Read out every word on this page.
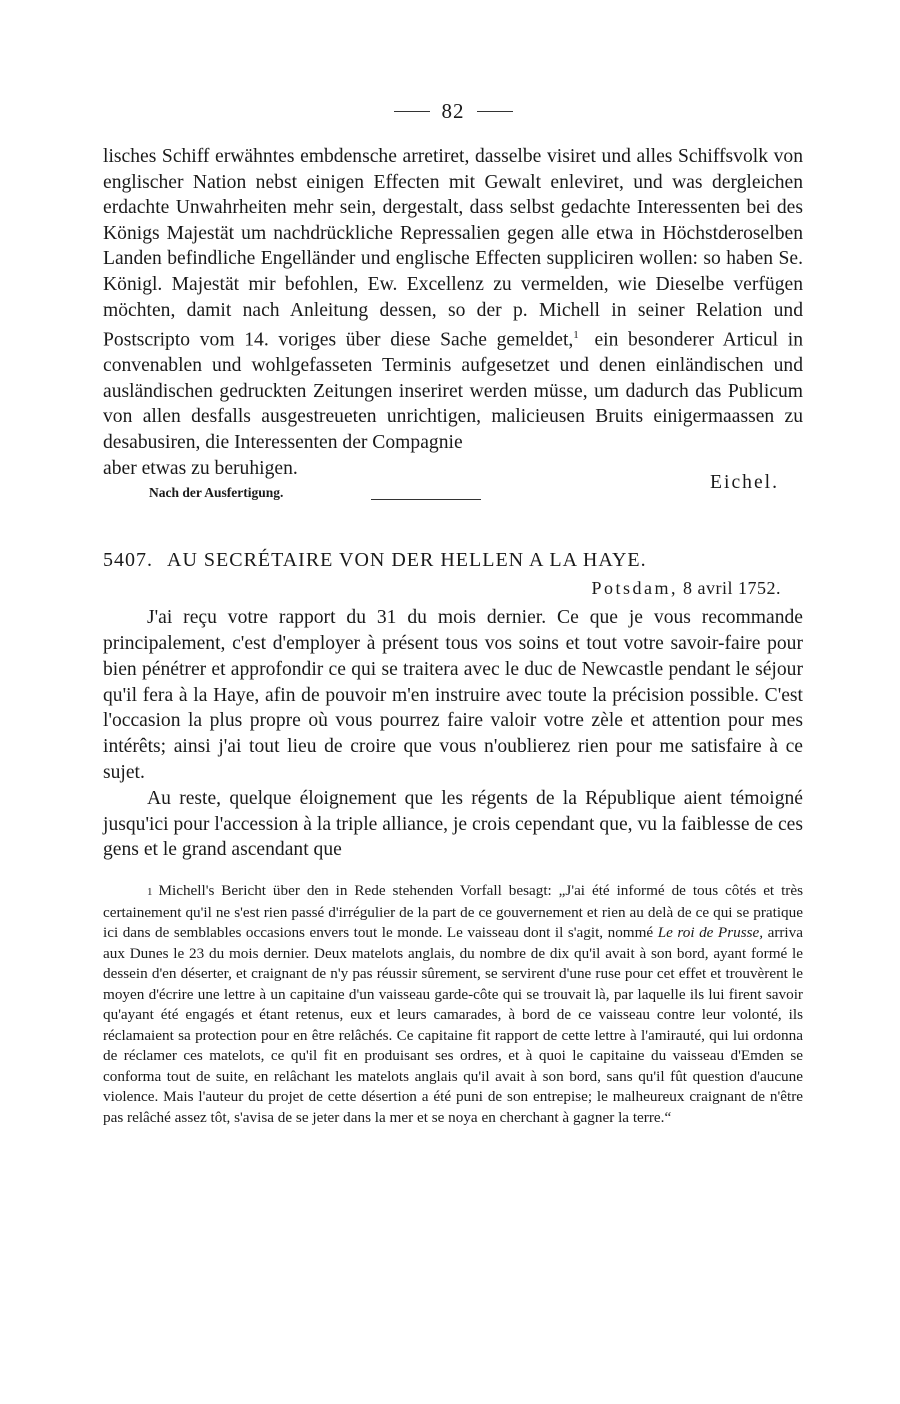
82

lisches Schiff erwähntes embdensche arretiret, dasselbe visiret und alles Schiffsvolk von englischer Nation nebst einigen Effecten mit Gewalt enleviret, und was dergleichen erdachte Unwahrheiten mehr sein, dergestalt, dass selbst gedachte Interessenten bei des Königs Majestät um nachdrückliche Repressalien gegen alle etwa in Höchstderoselben Landen befindliche Engelländer und englische Effecten suppliciren wollen: so haben Se. Königl. Majestät mir befohlen, Ew. Excellenz zu vermelden, wie Dieselbe verfügen möchten, damit nach Anleitung dessen, so der p. Michell in seiner Relation und Postscripto vom 14. voriges über diese Sache gemeldet,$^1$ ein besonderer Articul in convenablen und wohlgefasseten Terminis aufgesetzet und denen einländischen und ausländischen gedruckten Zeitungen inseriret werden müsse, um dadurch das Publicum von allen desfalls ausgestreueten unrichtigen, malicieusen Bruits einigermaassen zu desabusiren, die Interessenten der Compagnie

aber etwas zu beruhigen.
Eichel.
Nach der Ausfertigung.
5407. AU SECRÉTAIRE VON DER HELLEN A LA HAYE.
Potsdam, 8 avril 1752.

J'ai reçu votre rapport du 31 du mois dernier. Ce que je vous recommande principalement, c'est d'employer à présent tous vos soins et tout votre savoir-faire pour bien pénétrer et approfondir ce qui se traitera avec le duc de Newcastle pendant le séjour qu'il fera à la Haye, afin de pouvoir m'en instruire avec toute la précision possible. C'est l'occasion la plus propre où vous pourrez faire valoir votre zèle et attention pour mes intérêts; ainsi j'ai tout lieu de croire que vous n'oublierez rien pour me satisfaire à ce sujet.

Au reste, quelque éloignement que les régents de la République aient témoigné jusqu'ici pour l'accession à la triple alliance, je crois cependant que, vu la faiblesse de ces gens et le grand ascendant que

1 Michell's Bericht über den in Rede stehenden Vorfall besagt: „J'ai été informé de tous côtés et très certainement qu'il ne s'est rien passé d'irrégulier de la part de ce gouvernement et rien au delà de ce qui se pratique ici dans de semblables occasions envers tout le monde. Le vaisseau dont il s'agit, nommé Le roi de Prusse, arriva aux Dunes le 23 du mois dernier. Deux matelots anglais, du nombre de dix qu'il avait à son bord, ayant formé le dessein d'en déserter, et craignant de n'y pas réussir sûrement, se servirent d'une ruse pour cet effet et trouvèrent le moyen d'écrire une lettre à un capitaine d'un vaisseau garde-côte qui se trouvait là, par laquelle ils lui firent savoir qu'ayant été engagés et étant retenus, eux et leurs camarades, à bord de ce vaisseau contre leur volonté, ils réclamaient sa protection pour en être relâchés. Ce capitaine fit rapport de cette lettre à l'amirauté, qui lui ordonna de réclamer ces matelots, ce qu'il fit en produisant ses ordres, et à quoi le capitaine du vaisseau d'Emden se conforma tout de suite, en relâchant les matelots anglais qu'il avait à son bord, sans qu'il fût question d'aucune violence. Mais l'auteur du projet de cette désertion a été puni de son entrepise; le malheureux craignant de n'être pas relâché assez tôt, s'avisa de se jeter dans la mer et se noya en cherchant à gagner la terre.“
